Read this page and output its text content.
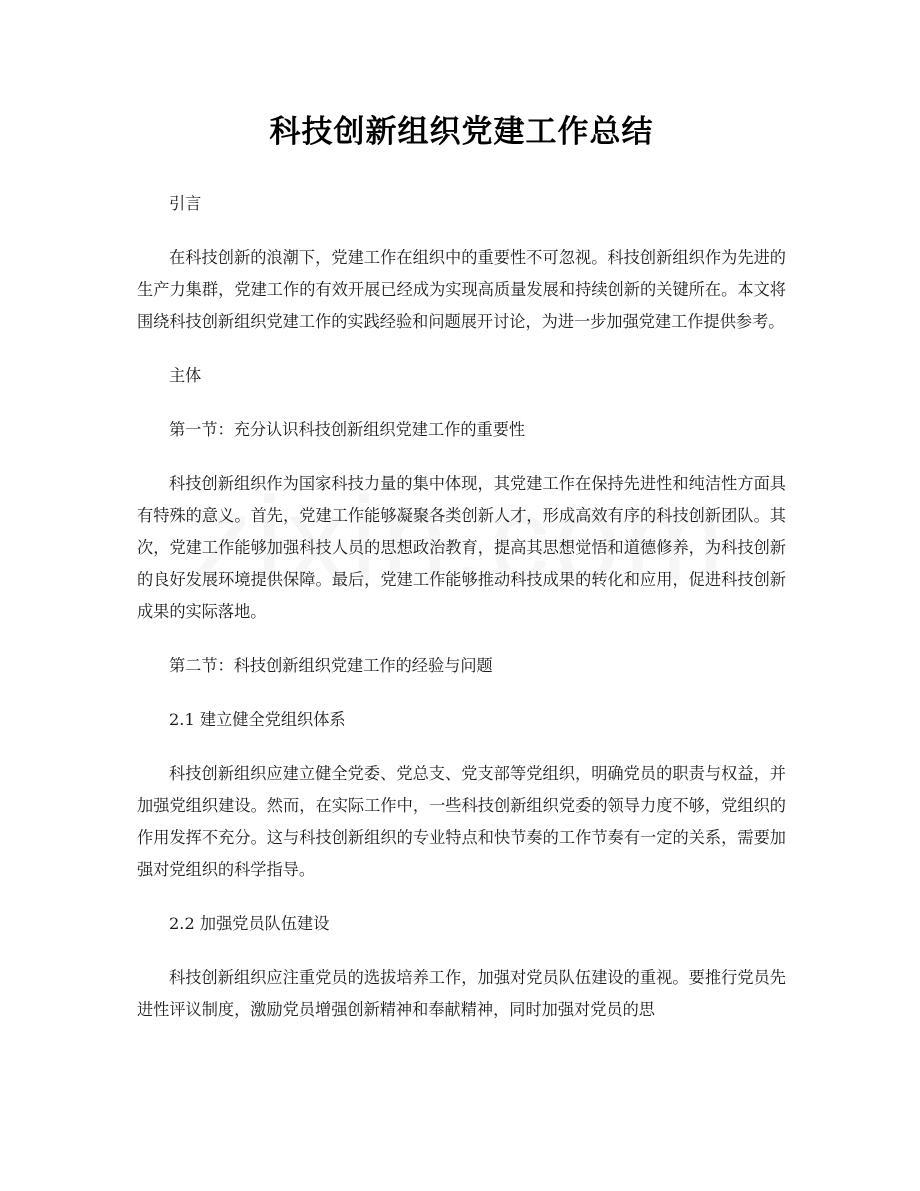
科技创新组织党建工作总结

引言

在科技创新的浪潮下，党建工作在组织中的重要性不可忽视。科技创新组织作为先进的生产力集群，党建工作的有效开展已经成为实现高质量发展和持续创新的关键所在。本文将围绕科技创新组织党建工作的实践经验和问题展开讨论，为进一步加强党建工作提供参考。

主体

第一节：充分认识科技创新组织党建工作的重要性

科技创新组织作为国家科技力量的集中体现，其党建工作在保持先进性和纯洁性方面具有特殊的意义。首先，党建工作能够凝聚各类创新人才，形成高效有序的科技创新团队。其次，党建工作能够加强科技人员的思想政治教育，提高其思想觉悟和道德修养，为科技创新的良好发展环境提供保障。最后，党建工作能够推动科技成果的转化和应用，促进科技创新成果的实际落地。

第二节：科技创新组织党建工作的经验与问题

2.1 建立健全党组织体系

科技创新组织应建立健全党委、党总支、党支部等党组织，明确党员的职责与权益，并加强党组织建设。然而，在实际工作中，一些科技创新组织党委的领导力度不够，党组织的作用发挥不充分。这与科技创新组织的专业特点和快节奏的工作节奏有一定的关系，需要加强对党组织的科学指导。

2.2 加强党员队伍建设

科技创新组织应注重党员的选拔培养工作，加强对党员队伍建设的重视。要推行党员先进性评议制度，激励党员增强创新精神和奉献精神，同时加强对党员的思
